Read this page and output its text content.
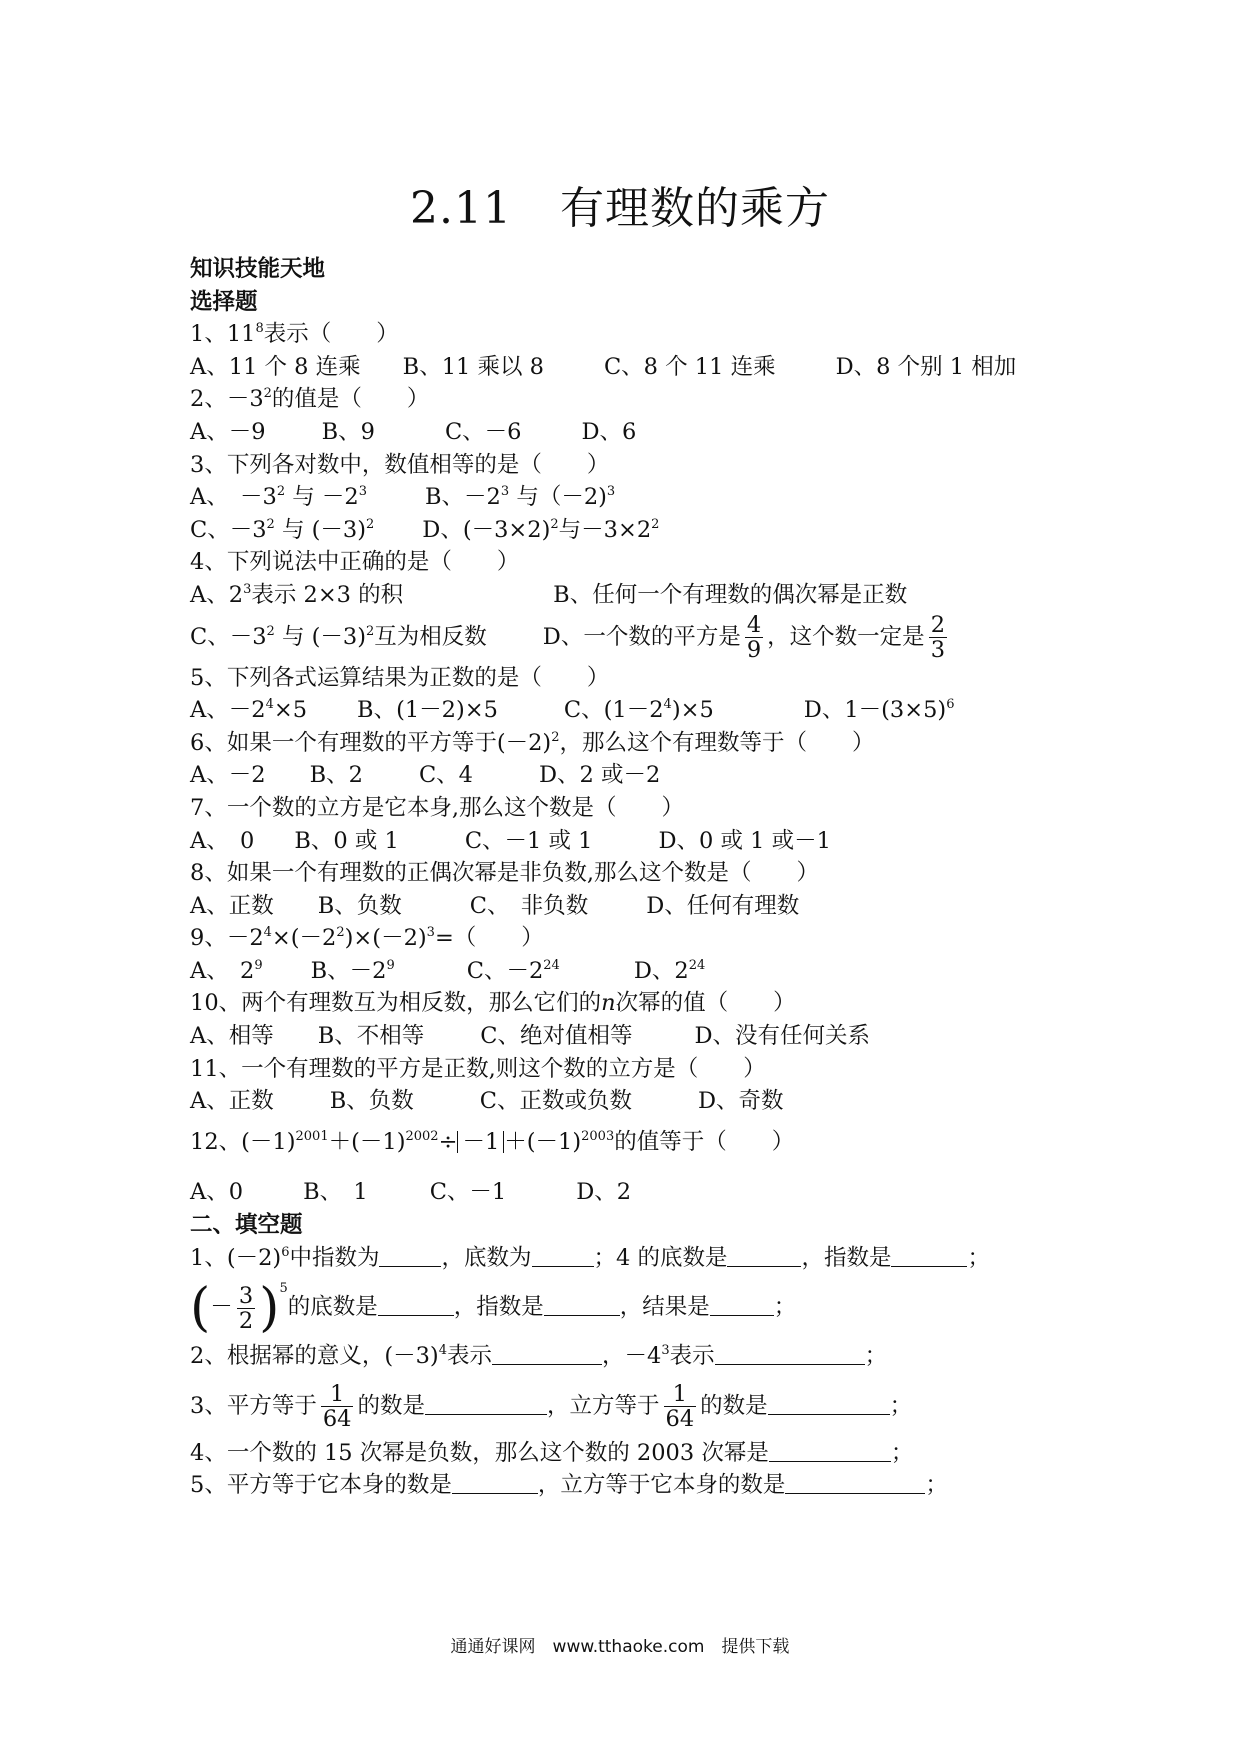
2.11 有理数的乘方
知识技能天地
选择题
1、$11^8$表示（　　）
A、11 个 8 连乘 B、11 乘以 8	C、8 个 11 连乘	D、8 个别 1 相加
2、$-3^2$的值是（　　）
A、－9 B、9	C、－6	D、6
3、下列各对数中，数值相等的是（　　）
A、　$-3^2$ 与 $-2^3$	B、$-2^3$ 与（－2)$^3$
C、$-3^2$ 与 $(-3)^2$ D、$(-3\times 2)^2$与$-3\times 2^2$
4、下列说法中正确的是（　　）
A、$2^3$表示 2×3 的积	B、任何一个有理数的偶次幂是正数
C、$-3^2$ 与 $(-3)^2$互为相反数 D、一个数的平方是 $\frac{4}{9}$ ，这个数一定是 $\frac{2}{3}$
5、下列各式运算结果为正数的是（　　）
A、$-2^4\times 5$ B、(1－2)×5	C、$(1-2^4)\times 5$	D、$1-(3\times 5)^6$
6、如果一个有理数的平方等于$(-2)^2$，那么这个有理数等于（　　）
A、－2 B、2 C、4	D、2 或－2
7、一个数的立方是它本身,那么这个数是（　　）
A、　0 B、0 或 1	C、－1 或 1	D、0 或 1 或－1
8、如果一个有理数的正偶次幂是非负数,那么这个数是（　　）
A、正数 B、负数	C、　非负数	D、任何有理数
9、$-2^4\times(-2^2)\times(-2)^3=$（　　）
A、　$2^9$ B、$-2^9$	C、$-2^{24}$	D、$2^{24}$
10、两个有理数互为相反数，那么它们的n次幂的值（　　）
A、相等 B、不相等 C、绝对值相等	D、没有任何关系
11、一个有理数的平方是正数,则这个数的立方是（　　）
A、正数 B、负数	C、正数或负数	D、奇数
12、$(-1)^{2001}+(-1)^{2002}\div -1 +(-1)^{2003}$的值等于（　　）
A、0	B、　1	C、－1	D、2
二、填空题
1、$(-2)^6$中指数为	，底数为	；4 的底数是	，指数是	；
(－ $\frac{3}{2} )^5$的底数是	，指数是	，结果是	；
2、根据幂的意义，$(-3)^4$表示	，$-4^3$表示	；
3、平方等于 $\frac{1}{64}$ 的数是	，立方等于 $\frac{1}{64}$ 的数是	；
4、一个数的 15 次幂是负数，那么这个数的 2003 次幂是	；
5、平方等于它本身的数是	，立方等于它本身的数是	；
通通好课网　www.tthaoke.com　提供下载
